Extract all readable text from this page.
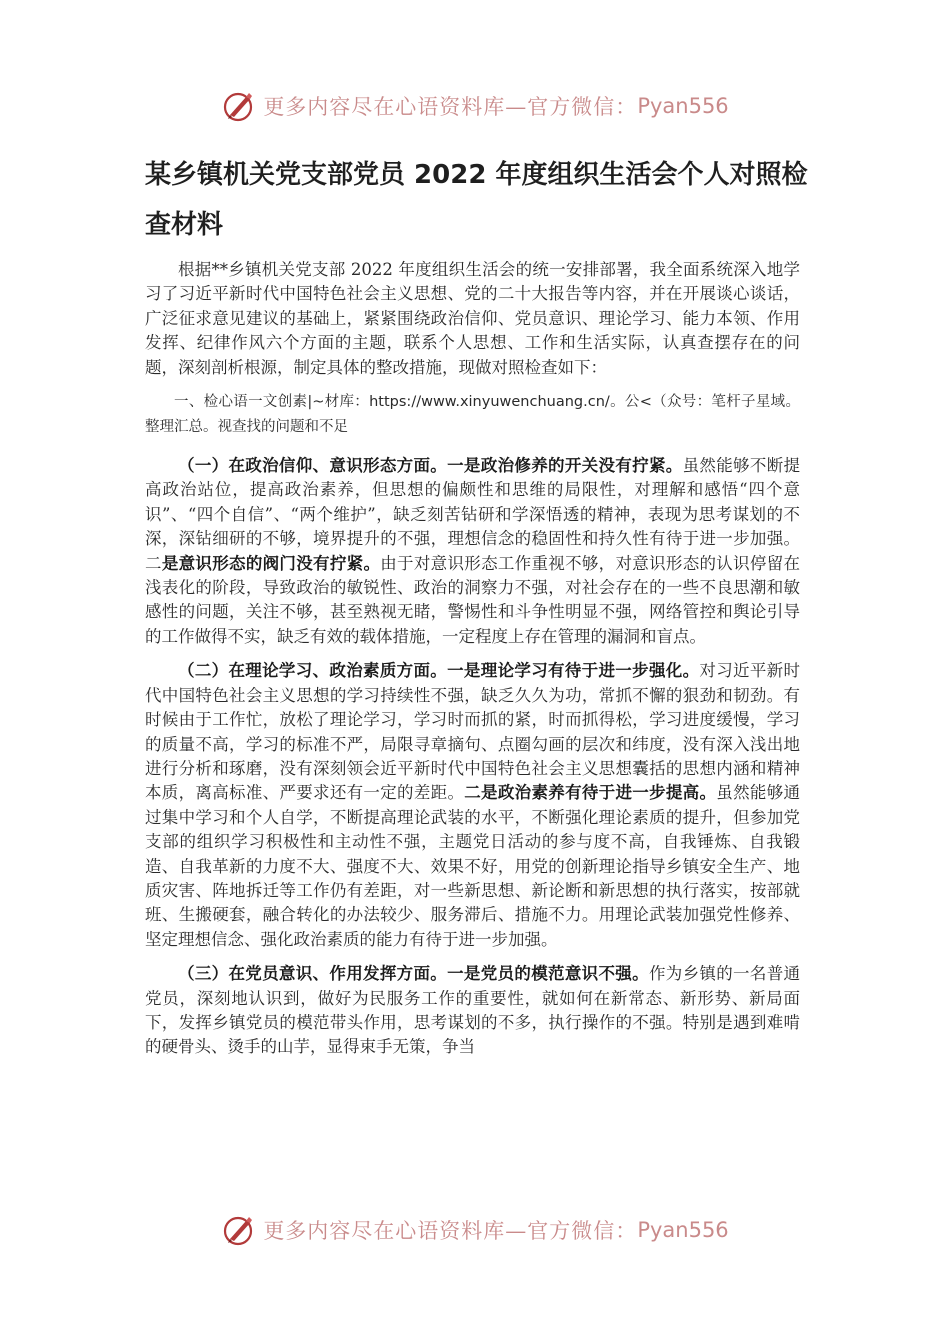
更多内容尽在心语资料库—官方微信： Pyan556
某乡镇机关党支部党员 2022 年度组织生活会个人对照检查材料

根据**乡镇机关党支部 2022 年度组织生活会的统一安排部署，我全面系统深入地学习了习近平新时代中国特色社会主义思想、党的二十大报告等内容，并在开展谈心谈话，广泛征求意见建议的基础上，紧紧围绕政治信仰、党员意识、理论学习、能力本领、作用发挥、纪律作风六个方面的主题，联系个人思想、工作和生活实际，认真查摆存在的问题，深刻剖析根源，制定具体的整改措施，现做对照检查如下：

一、检心语一文创素|~材库：https://www.xinyuwenchuang.cn/。公<（众号：笔杆子星域。整理汇总。视查找的问题和不足

（一）在政治信仰、意识形态方面。一是政治修养的开关没有拧紧。虽然能够不断提高政治站位，提高政治素养，但思想的偏颇性和思维的局限性，对理解和感悟“四个意识”、“四个自信”、“两个维护”，缺乏刻苦钻研和学深悟透的精神，表现为思考谋划的不深，深钻细研的不够，境界提升的不强，理想信念的稳固性和持久性有待于进一步加强。二是意识形态的阀门没有拧紧。由于对意识形态工作重视不够，对意识形态的认识停留在浅表化的阶段，导致政治的敏锐性、政治的洞察力不强，对社会存在的一些不良思潮和敏感性的问题，关注不够，甚至熟视无睹，警惕性和斗争性明显不强，网络管控和舆论引导的工作做得不实，缺乏有效的载体措施，一定程度上存在管理的漏洞和盲点。

（二）在理论学习、政治素质方面。一是理论学习有待于进一步强化。对习近平新时代中国特色社会主义思想的学习持续性不强，缺乏久久为功，常抓不懈的狠劲和韧劲。有时候由于工作忙，放松了理论学习，学习时而抓的紧，时而抓得松，学习进度缓慢，学习的质量不高，学习的标准不严，局限寻章摘句、点圈勾画的层次和纬度，没有深入浅出地进行分析和琢磨，没有深刻领会近平新时代中国特色社会主义思想囊括的思想内涵和精神本质，离高标准、严要求还有一定的差距。二是政治素养有待于进一步提高。虽然能够通过集中学习和个人自学，不断提高理论武装的水平，不断强化理论素质的提升，但参加党支部的组织学习积极性和主动性不强，主题党日活动的参与度不高，自我锤炼、自我锻造、自我革新的力度不大、强度不大、效果不好，用党的创新理论指导乡镇安全生产、地质灾害、阵地拆迁等工作仍有差距，对一些新思想、新论断和新思想的执行落实，按部就班、生搬硬套，融合转化的办法较少、服务滞后、措施不力。用理论武装加强党性修养、坚定理想信念、强化政治素质的能力有待于进一步加强。

（三）在党员意识、作用发挥方面。一是党员的模范意识不强。作为乡镇的一名普通党员，深刻地认识到，做好为民服务工作的重要性，就如何在新常态、新形势、新局面下，发挥乡镇党员的模范带头作用，思考谋划的不多，执行操作的不强。特别是遇到难啃的硬骨头、烫手的山芋，显得束手无策，争当

更多内容尽在心语资料库—官方微信： Pyan556
